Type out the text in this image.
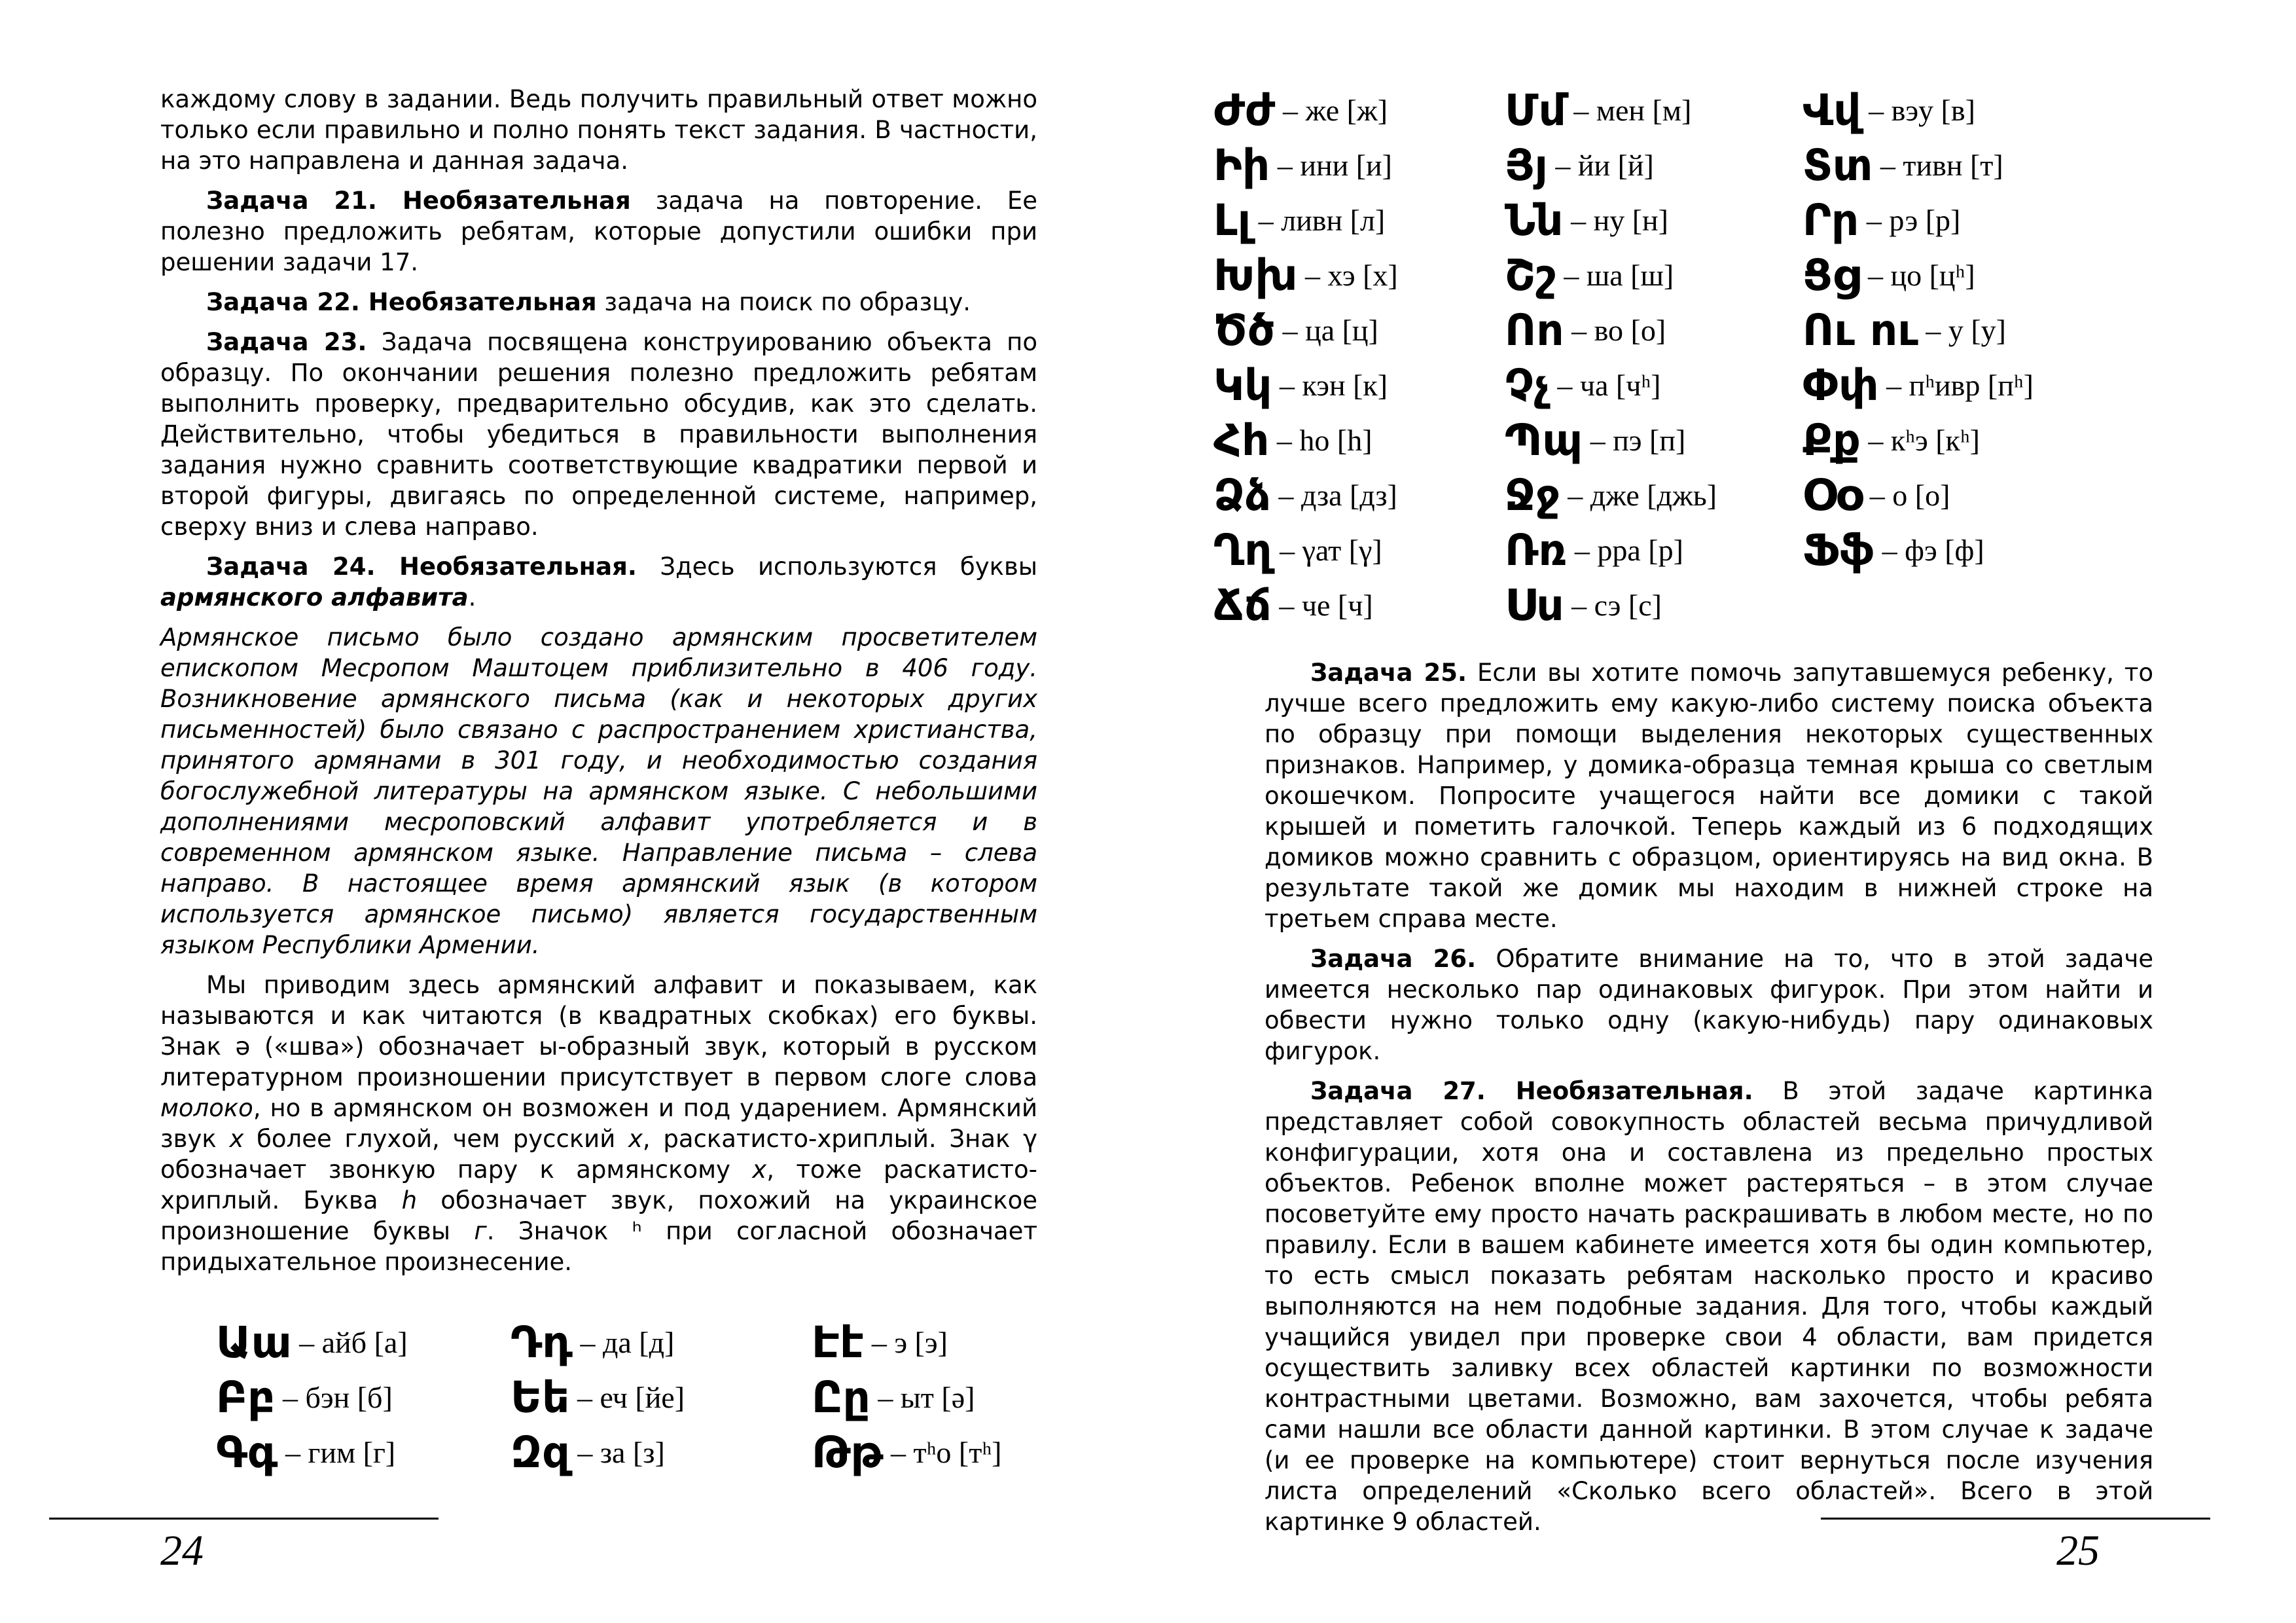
каждому слову в задании. Ведь получить правильный ответ можно только если правильно и полно понять текст задания. В частности, на это направлена и данная задача.

Задача 21. Необязательная задача на повторение. Ее полезно предложить ребятам, которые допустили ошибки при решении задачи 17.

Задача 22. Необязательная задача на поиск по образцу.

Задача 23. Задача посвящена конструированию объекта по образцу. По окончании решения полезно предложить ребятам выполнить проверку, предварительно обсудив, как это сделать. Действительно, чтобы убедиться в правильности выполнения задания нужно сравнить соответствующие квадратики первой и второй фигуры, двигаясь по определенной системе, например, сверху вниз и слева направо.

Задача 24. Необязательная. Здесь используются буквы армянского алфавита.

Армянское письмо было создано армянским просветителем епископом Месропом Маштоцем приблизительно в 406 году. Возникновение армянского письма (как и некоторых других письменностей) было связано с распространением христианства, принятого армянами в 301 году, и необходимостью создания богослужебной литературы на армянском языке. С небольшими дополнениями месроповский алфавит употребляется и в современном армянском языке. Направление письма – слева направо. В настоящее время армянский язык (в котором используется армянское письмо) является государственным языком Республики Армении.

Мы приводим здесь армянский алфавит и показываем, как называются и как читаются (в квадратных скобках) его буквы. Знак ə («шва») обозначает ы-образный звук, который в русском литературном произношении присутствует в первом слоге слова молоко, но в армянском он возможен и под ударением. Армянский звук х более глухой, чем русский х, раскатисто-хриплый. Знак γ обозначает звонкую пару к армянскому х, тоже раскатисто-хриплый. Буква h обозначает звук, похожий на украинское произношение буквы г. Значок ʰ при согласной обозначает придыхательное произнесение.

Աա – айб [а]
Բբ – бэн [б]
Գգ – гим [г]
Դդ – да [д]
Եե – еч [йе]
Զզ – за [з]
Էէ – э [э]
Ըը – ыт [ə]
Թթ – тʰо [тʰ]
24
Ժժ – же [ж]
Իի – ини [и]
Լլ – ливн [л]
Խխ – хэ [х]
Ծծ – ца [ц]
Կկ – кэн [к]
Հհ – hо [h]
Ձձ – дза [дз]
Ղղ – γат [γ]
Ճճ – че [ч]
Մմ – мен [м]
Յյ – йи [й]
Նն – ну [н]
Շշ – ша [ш]
Ոո – во [о]
Չչ – ча [чʰ]
Պպ – пэ [п]
Ջջ – дже [джь]
Ռռ – рра [р]
Սս – сэ [с]
Վվ – вэу [в]
Տտ – тивн [т]
Րր – рэ [р]
Ցց – цо [цʰ]
Ու ու – у [у]
Փփ – пʰивр [пʰ]
Քք – кʰэ [кʰ]
Օօ – о [о]
Ֆֆ – фэ [ф]

Задача 25. Если вы хотите помочь запутавшемуся ребенку, то лучше всего предложить ему какую-либо систему поиска объекта по образцу при помощи выделения некоторых существенных признаков. Например, у домика-образца темная крыша со светлым окошечком. Попросите учащегося найти все домики с такой крышей и пометить галочкой. Теперь каждый из 6 подходящих домиков можно сравнить с образцом, ориентируясь на вид окна. В результате такой же домик мы находим в нижней строке на третьем справа месте.

Задача 26. Обратите внимание на то, что в этой задаче имеется несколько пар одинаковых фигурок. При этом найти и обвести нужно только одну (какую-нибудь) пару одинаковых фигурок.

Задача 27. Необязательная. В этой задаче картинка представляет собой совокупность областей весьма причудливой конфигурации, хотя она и составлена из предельно простых объектов. Ребенок вполне может растеряться – в этом случае посоветуйте ему просто начать раскрашивать в любом месте, но по правилу. Если в вашем кабинете имеется хотя бы один компьютер, то есть смысл показать ребятам насколько просто и красиво выполняются на нем подобные задания. Для того, чтобы каждый учащийся увидел при проверке свои 4 области, вам придется осуществить заливку всех областей картинки по возможности контрастными цветами. Возможно, вам захочется, чтобы ребята сами нашли все области данной картинки. В этом случае к задаче (и ее проверке на компьютере) стоит вернуться после изучения листа определений «Сколько всего областей». Всего в этой картинке 9 областей.

25
